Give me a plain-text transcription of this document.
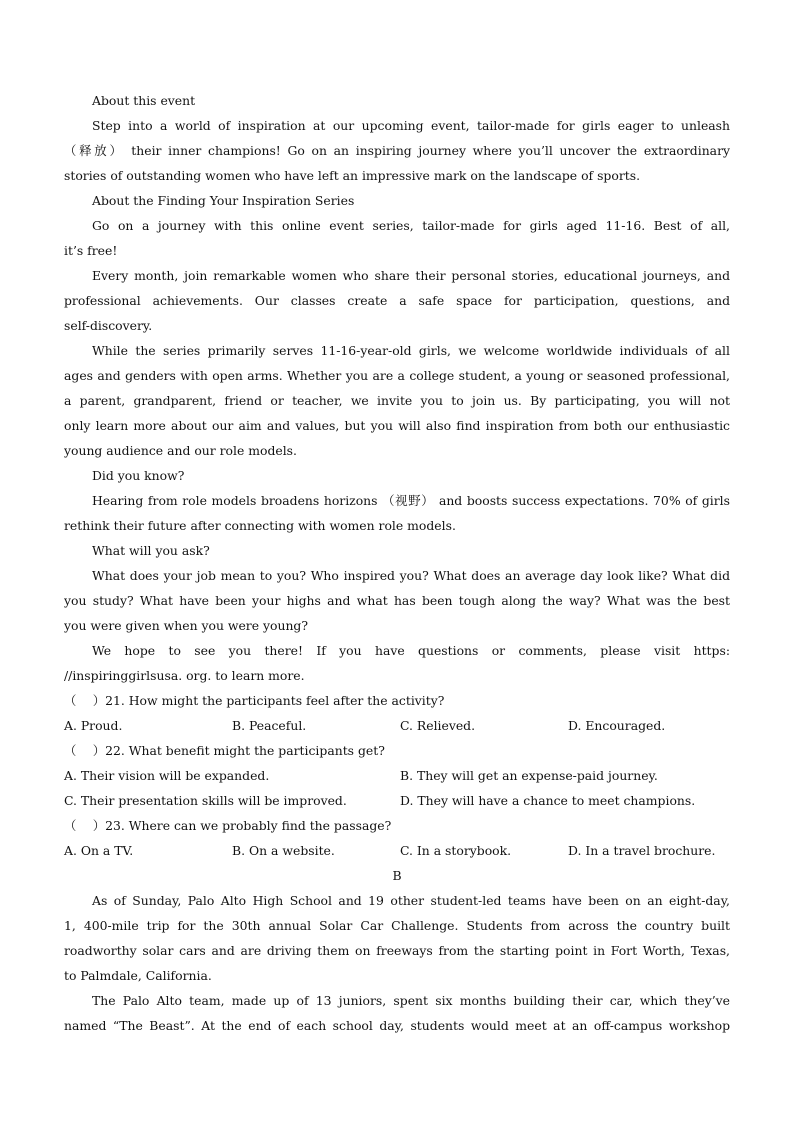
About this event
Step into a world of inspiration at our upcoming event, tailor-made for girls eager to unleash
（释放） their inner champions! Go on an inspiring journey where you’ll uncover the extraordinary
stories of outstanding women who have left an impressive mark on the landscape of sports.
About the Finding Your Inspiration Series
Go on a journey with this online event series, tailor-made for girls aged 11-16. Best of all,
it’s free!
Every month, join remarkable women who share their personal stories, educational journeys, and
professional achievements. Our classes create a safe space for participation, questions, and
self-discovery.
While the series primarily serves 11-16-year-old girls, we welcome worldwide individuals of all
ages and genders with open arms. Whether you are a college student, a young or seasoned professional,
a parent, grandparent, friend or teacher, we invite you to join us. By participating, you will not
only learn more about our aim and values, but you will also find inspiration from both our enthusiastic
young audience and our role models.
Did you know?
Hearing from role models broadens horizons （视野） and boosts success expectations. 70% of girls
rethink their future after connecting with women role models.
What will you ask?
What does your job mean to you? Who inspired you? What does an average day look like? What did
you study? What have been your highs and what has been tough along the way? What was the best
you were given when you were young?
We hope to see you there! If you have questions or comments, please visit https:
//inspiringgirlsusa. org. to learn more.
（　 ）21. How might the participants feel after the activity?
A. Proud.	B. Peaceful.	C. Relieved.	D. Encouraged.
（　 ）22. What benefit might the participants get?
A. Their vision will be expanded.	B. They will get an expense-paid journey.
C. Their presentation skills will be improved.	D. They will have a chance to meet champions.
（　 ）23. Where can we probably find the passage?
A. On a TV.	B. On a website.	C. In a storybook.	D. In a travel brochure.
B
As of Sunday, Palo Alto High School and 19 other student-led teams have been on an eight-day,
1, 400-mile trip for the 30th annual Solar Car Challenge. Students from across the country built
roadworthy solar cars and are driving them on freeways from the starting point in Fort Worth, Texas,
to Palmdale, California.
The Palo Alto team, made up of 13 juniors, spent six months building their car, which they’ve
named “The Beast”. At the end of each school day, students would meet at an off-campus workshop
